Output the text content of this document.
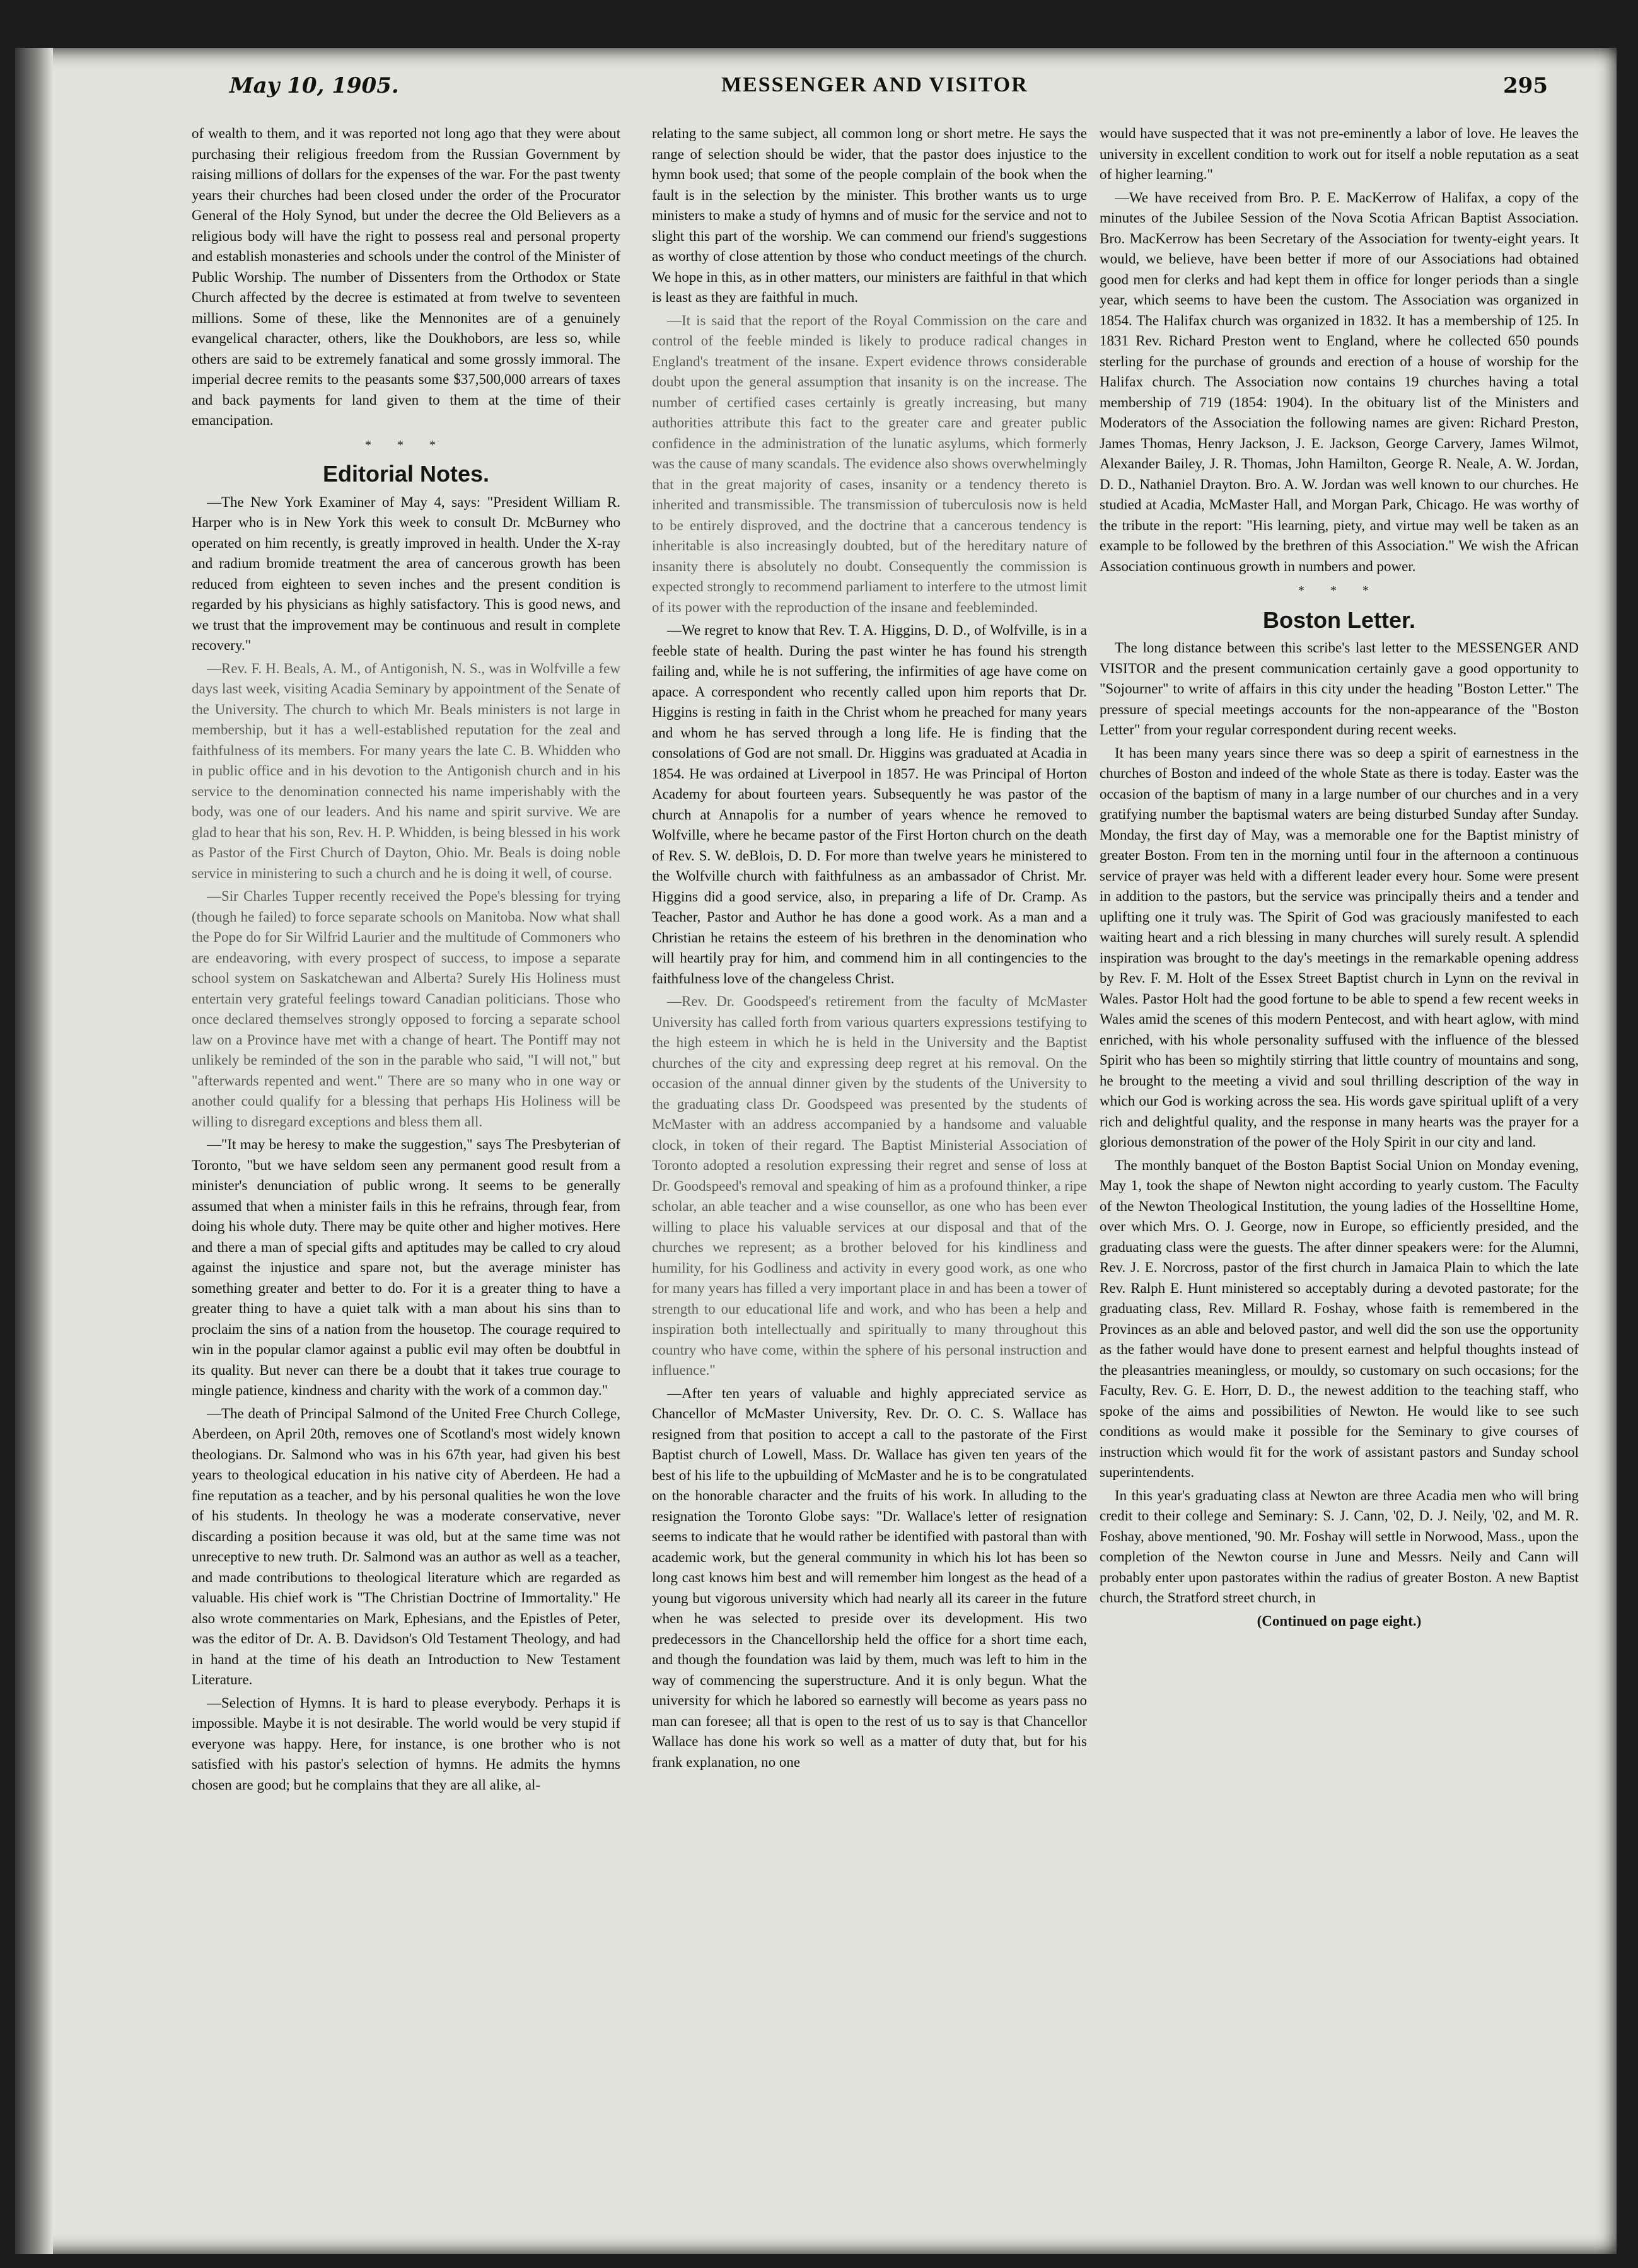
May 10, 1905.	MESSENGER AND VISITOR	295

of wealth to them, and it was reported not long ago that they were about purchasing their religious freedom from the Russian Government by raising millions of dollars for the expenses of the war. For the past twenty years their churches had been closed under the order of the Procurator General of the Holy Synod, but under the decree the Old Believers as a religious body will have the right to possess real and personal property and establish monasteries and schools under the control of the Minister of Public Worship. The number of Dissenters from the Orthodox or State Church affected by the decree is estimated at from twelve to seventeen millions. Some of these, like the Mennonites are of a genuinely evangelical character, others, like the Doukhobors, are less so, while others are said to be extremely fanatical and some grossly immoral. The imperial decree remits to the peasants some $37,500,000 arrears of taxes and back payments for land given to them at the time of their emancipation.

* * *
Editorial Notes.

—The New York Examiner of May 4, says: "President William R. Harper who is in New York this week to consult Dr. McBurney who operated on him recently, is greatly improved in health. Under the X-ray and radium bromide treatment the area of cancerous growth has been reduced from eighteen to seven inches and the present condition is regarded by his physicians as highly satisfactory. This is good news, and we trust that the improvement may be continuous and result in complete recovery."

—Rev. F. H. Beals, A. M., of Antigonish, N. S., was in Wolfville a few days last week, visiting Acadia Seminary by appointment of the Senate of the University. The church to which Mr. Beals ministers is not large in membership, but it has a well-established reputation for the zeal and faithfulness of its members. For many years the late C. B. Whidden who in public office and in his devotion to the Antigonish church and in his service to the denomination connected his name imperishably with the body, was one of our leaders. And his name and spirit survive. We are glad to hear that his son, Rev. H. P. Whidden, is being blessed in his work as Pastor of the First Church of Dayton, Ohio. Mr. Beals is doing noble service in ministering to such a church and he is doing it well, of course.

—Sir Charles Tupper recently received the Pope's blessing for trying (though he failed) to force separate schools on Manitoba. Now what shall the Pope do for Sir Wilfrid Laurier and the multitude of Commoners who are endeavoring, with every prospect of success, to impose a separate school system on Saskatchewan and Alberta? Surely His Holiness must entertain very grateful feelings toward Canadian politicians. Those who once declared themselves strongly opposed to forcing a separate school law on a Province have met with a change of heart. The Pontiff may not unlikely be reminded of the son in the parable who said, "I will not," but "afterwards repented and went." There are so many who in one way or another could qualify for a blessing that perhaps His Holiness will be willing to disregard exceptions and bless them all.

—"It may be heresy to make the suggestion," says The Presbyterian of Toronto, "but we have seldom seen any permanent good result from a minister's denunciation of public wrong. It seems to be generally assumed that when a minister fails in this he refrains, through fear, from doing his whole duty. There may be quite other and higher motives. Here and there a man of special gifts and aptitudes may be called to cry aloud against the injustice and spare not, but the average minister has something greater and better to do. For it is a greater thing to have a greater thing to have a quiet talk with a man about his sins than to proclaim the sins of a nation from the housetop. The courage required to win in the popular clamor against a public evil may often be doubtful in its quality. But never can there be a doubt that it takes true courage to mingle patience, kindness and charity with the work of a common day."

—The death of Principal Salmond of the United Free Church College, Aberdeen, on April 20th, removes one of Scotland's most widely known theologians. Dr. Salmond who was in his 67th year, had given his best years to theological education in his native city of Aberdeen. He had a fine reputation as a teacher, and by his personal qualities he won the love of his students. In theology he was a moderate conservative, never discarding a position because it was old, but at the same time was not unreceptive to new truth. Dr. Salmond was an author as well as a teacher, and made contributions to theological literature which are regarded as valuable. His chief work is "The Christian Doctrine of Immortality." He also wrote commentaries on Mark, Ephesians, and the Epistles of Peter, was the editor of Dr. A. B. Davidson's Old Testament Theology, and had in hand at the time of his death an Introduction to New Testament Literature.

—Selection of Hymns. It is hard to please everybody. Perhaps it is impossible. Maybe it is not desirable. The world would be very stupid if everyone was happy. Here, for instance, is one brother who is not satisfied with his pastor's selection of hymns. He admits the hymns chosen are good; but he complains that they are all alike, al-

relating to the same subject, all common long or short metre. He says the range of selection should be wider, that the pastor does injustice to the hymn book used; that some of the people complain of the book when the fault is in the selection by the minister. This brother wants us to urge ministers to make a study of hymns and of music for the service and not to slight this part of the worship. We can commend our friend's suggestions as worthy of close attention by those who conduct meetings of the church. We hope in this, as in other matters, our ministers are faithful in that which is least as they are faithful in much.

—It is said that the report of the Royal Commission on the care and control of the feeble minded is likely to produce radical changes in England's treatment of the insane. Expert evidence throws considerable doubt upon the general assumption that insanity is on the increase. The number of certified cases certainly is greatly increasing, but many authorities attribute this fact to the greater care and greater public confidence in the administration of the lunatic asylums, which formerly was the cause of many scandals. The evidence also shows overwhelmingly that in the great majority of cases, insanity or a tendency thereto is inherited and transmissible. The transmission of tuberculosis now is held to be entirely disproved, and the doctrine that a cancerous tendency is inheritable is also increasingly doubted, but of the hereditary nature of insanity there is absolutely no doubt. Consequently the commission is expected strongly to recommend parliament to interfere to the utmost limit of its power with the reproduction of the insane and feebleminded.

—We regret to know that Rev. T. A. Higgins, D. D., of Wolfville, is in a feeble state of health. During the past winter he has found his strength failing and, while he is not suffering, the infirmities of age have come on apace. A correspondent who recently called upon him reports that Dr. Higgins is resting in faith in the Christ whom he preached for many years and whom he has served through a long life. He is finding that the consolations of God are not small. Dr. Higgins was graduated at Acadia in 1854. He was ordained at Liverpool in 1857. He was Principal of Horton Academy for about fourteen years. Subsequently he was pastor of the church at Annapolis for a number of years whence he removed to Wolfville, where he became pastor of the First Horton church on the death of Rev. S. W. deBlois, D. D. For more than twelve years he ministered to the Wolfville church with faithfulness as an ambassador of Christ. Mr. Higgins did a good service, also, in preparing a life of Dr. Cramp. As Teacher, Pastor and Author he has done a good work. As a man and a Christian he retains the esteem of his brethren in the denomination who will heartily pray for him, and commend him in all contingencies to the faithfulness love of the changeless Christ.

—Rev. Dr. Goodspeed's retirement from the faculty of McMaster University has called forth from various quarters expressions testifying to the high esteem in which he is held in the University and the Baptist churches of the city and expressing deep regret at his removal. On the occasion of the annual dinner given by the students of the University to the graduating class Dr. Goodspeed was presented by the students of McMaster with an address accompanied by a handsome and valuable clock, in token of their regard. The Baptist Ministerial Association of Toronto adopted a resolution expressing their regret and sense of loss at Dr. Goodspeed's removal and speaking of him as a profound thinker, a ripe scholar, an able teacher and a wise counsellor, as one who has been ever willing to place his valuable services at our disposal and that of the churches we represent; as a brother beloved for his kindliness and humility, for his Godliness and activity in every good work, as one who for many years has filled a very important place in and has been a tower of strength to our educational life and work, and who has been a help and inspiration both intellectually and spiritually to many throughout this country who have come, within the sphere of his personal instruction and influence."

—After ten years of valuable and highly appreciated service as Chancellor of McMaster University, Rev. Dr. O. C. S. Wallace has resigned from that position to accept a call to the pastorate of the First Baptist church of Lowell, Mass. Dr. Wallace has given ten years of the best of his life to the upbuilding of McMaster and he is to be congratulated on the honorable character and the fruits of his work. In alluding to the resignation the Toronto Globe says: "Dr. Wallace's letter of resignation seems to indicate that he would rather be identified with pastoral than with academic work, but the general community in which his lot has been so long cast knows him best and will remember him longest as the head of a young but vigorous university which had nearly all its career in the future when he was selected to preside over its development. His two predecessors in the Chancellorship held the office for a short time each, and though the foundation was laid by them, much was left to him in the way of commencing the superstructure. And it is only begun. What the university for which he labored so earnestly will become as years pass no man can foresee; all that is open to the rest of us to say is that Chancellor Wallace has done his work so well as a matter of duty that, but for his frank explanation, no one

would have suspected that it was not pre-eminently a labor of love. He leaves the university in excellent condition to work out for itself a noble reputation as a seat of higher learning."

—We have received from Bro. P. E. MacKerrow of Halifax, a copy of the minutes of the Jubilee Session of the Nova Scotia African Baptist Association. Bro. MacKerrow has been Secretary of the Association for twenty-eight years. It would, we believe, have been better if more of our Associations had obtained good men for clerks and had kept them in office for longer periods than a single year, which seems to have been the custom. The Association was organized in 1854. The Halifax church was organized in 1832. It has a membership of 125. In 1831 Rev. Richard Preston went to England, where he collected 650 pounds sterling for the purchase of grounds and erection of a house of worship for the Halifax church. The Association now contains 19 churches having a total membership of 719 (1854: 1904). In the obituary list of the Ministers and Moderators of the Association the following names are given: Richard Preston, James Thomas, Henry Jackson, J. E. Jackson, George Carvery, James Wilmot, Alexander Bailey, J. R. Thomas, John Hamilton, George R. Neale, A. W. Jordan, D. D., Nathaniel Drayton. Bro. A. W. Jordan was well known to our churches. He studied at Acadia, McMaster Hall, and Morgan Park, Chicago. He was worthy of the tribute in the report: "His learning, piety, and virtue may well be taken as an example to be followed by the brethren of this Association." We wish the African Association continuous growth in numbers and power.

* * *
Boston Letter.

The long distance between this scribe's last letter to the MESSENGER AND VISITOR and the present communication certainly gave a good opportunity to "Sojourner" to write of affairs in this city under the heading "Boston Letter." The pressure of special meetings accounts for the non-appearance of the "Boston Letter" from your regular correspondent during recent weeks.

It has been many years since there was so deep a spirit of earnestness in the churches of Boston and indeed of the whole State as there is today. Easter was the occasion of the baptism of many in a large number of our churches and in a very gratifying number the baptismal waters are being disturbed Sunday after Sunday. Monday, the first day of May, was a memorable one for the Baptist ministry of greater Boston. From ten in the morning until four in the afternoon a continuous service of prayer was held with a different leader every hour. Some were present in addition to the pastors, but the service was principally theirs and a tender and uplifting one it truly was. The Spirit of God was graciously manifested to each waiting heart and a rich blessing in many churches will surely result. A splendid inspiration was brought to the day's meetings in the remarkable opening address by Rev. F. M. Holt of the Essex Street Baptist church in Lynn on the revival in Wales. Pastor Holt had the good fortune to be able to spend a few recent weeks in Wales amid the scenes of this modern Pentecost, and with heart aglow, with mind enriched, with his whole personality suffused with the influence of the blessed Spirit who has been so mightily stirring that little country of mountains and song, he brought to the meeting a vivid and soul thrilling description of the way in which our God is working across the sea. His words gave spiritual uplift of a very rich and delightful quality, and the response in many hearts was the prayer for a glorious demonstration of the power of the Holy Spirit in our city and land.

The monthly banquet of the Boston Baptist Social Union on Monday evening, May 1, took the shape of Newton night according to yearly custom. The Faculty of the Newton Theological Institution, the young ladies of the Hosselltine Home, over which Mrs. O. J. George, now in Europe, so efficiently presided, and the graduating class were the guests. The after dinner speakers were: for the Alumni, Rev. J. E. Norcross, pastor of the first church in Jamaica Plain to which the late Rev. Ralph E. Hunt ministered so acceptably during a devoted pastorate; for the graduating class, Rev. Millard R. Foshay, whose faith is remembered in the Provinces as an able and beloved pastor, and well did the son use the opportunity as the father would have done to present earnest and helpful thoughts instead of the pleasantries meaningless, or mouldy, so customary on such occasions; for the Faculty, Rev. G. E. Horr, D. D., the newest addition to the teaching staff, who spoke of the aims and possibilities of Newton. He would like to see such conditions as would make it possible for the Seminary to give courses of instruction which would fit for the work of assistant pastors and Sunday school superintendents.

In this year's graduating class at Newton are three Acadia men who will bring credit to their college and Seminary: S. J. Cann, '02, D. J. Neily, '02, and M. R. Foshay, above mentioned, '90. Mr. Foshay will settle in Norwood, Mass., upon the completion of the Newton course in June and Messrs. Neily and Cann will probably enter upon pastorates within the radius of greater Boston. A new Baptist church, the Stratford street church, in

(Continued on page eight.)
